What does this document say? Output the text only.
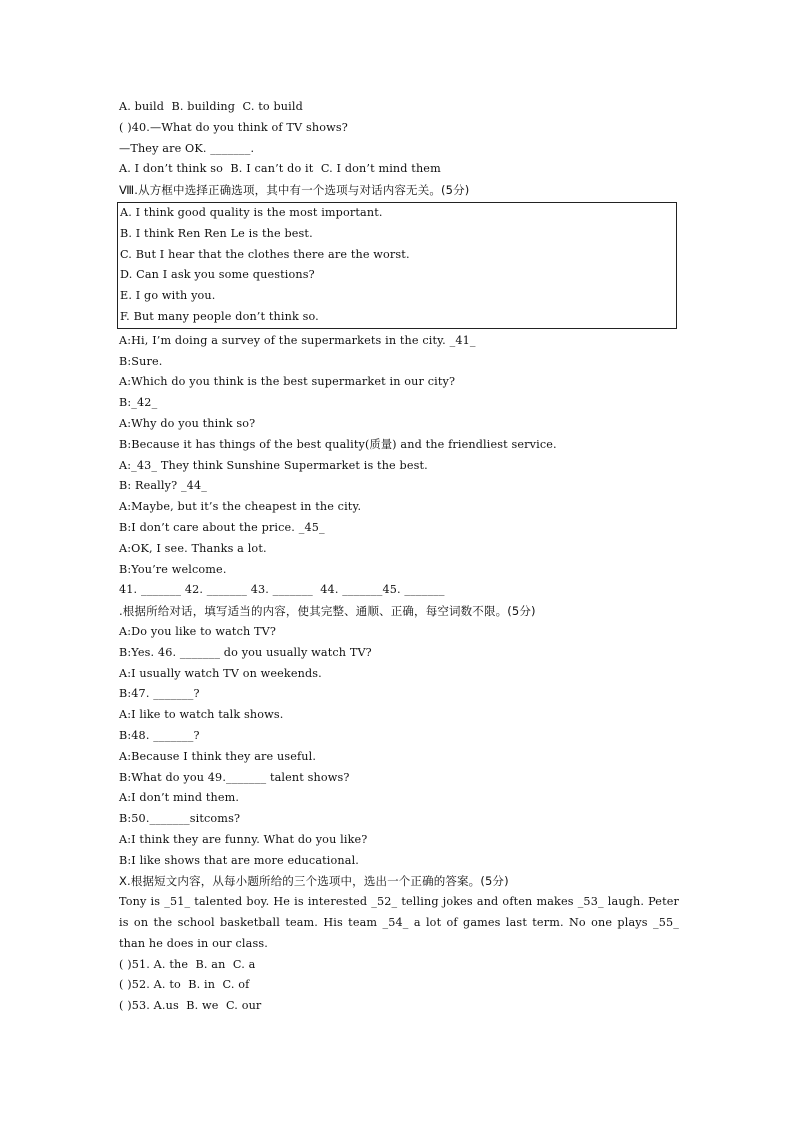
A. build  B. building  C. to build
( )40.—What do you think of TV shows?
—They are OK. _______.
A. I don’t think so  B. I can’t do it  C. I don’t mind them
Ⅷ.从方框中选择正确选项，其中有一个选项与对话内容无关。(5分)
A. I think good quality is the most important.
B. I think Ren Ren Le is the best.
C. But I hear that the clothes there are the worst.
D. Can I ask you some questions?
E. I go with you.
F. But many people don’t think so.
A:Hi, I’m doing a survey of the supermarkets in the city. _41_
B:Sure.
A:Which do you think is the best supermarket in our city?
B:_42_
A:Why do you think so?
B:Because it has things of the best quality(质量) and the friendliest service.
A:_43_ They think Sunshine Supermarket is the best.
B: Really? _44_
A:Maybe, but it’s the cheapest in the city.
B:I don’t care about the price. _45_
A:OK, I see. Thanks a lot.
B:You’re welcome.
41. _______ 42. _______ 43. _______  44. _______45. _______
.根据所给对话，填写适当的内容，使其完整、通顺、正确，每空词数不限。(5分)
A:Do you like to watch TV?
B:Yes. 46. _______ do you usually watch TV?
A:I usually watch TV on weekends.
B:47. _______?
A:I like to watch talk shows.
B:48. _______?
A:Because I think they are useful.
B:What do you 49._______ talent shows?
A:I don’t mind them.
B:50._______sitcoms?
A:I think they are funny. What do you like?
B:I like shows that are more educational.
X.根据短文内容，从每小题所给的三个选项中，选出一个正确的答案。(5分)
Tony is _51_ talented boy. He is interested _52_ telling jokes and often makes _53_ laugh. Peter is on the school basketball team. His team _54_ a lot of games last term. No one plays _55_ than he does in our class.
( )51. A. the  B. an  C. a
( )52. A. to  B. in  C. of
( )53. A.us  B. we  C. our
